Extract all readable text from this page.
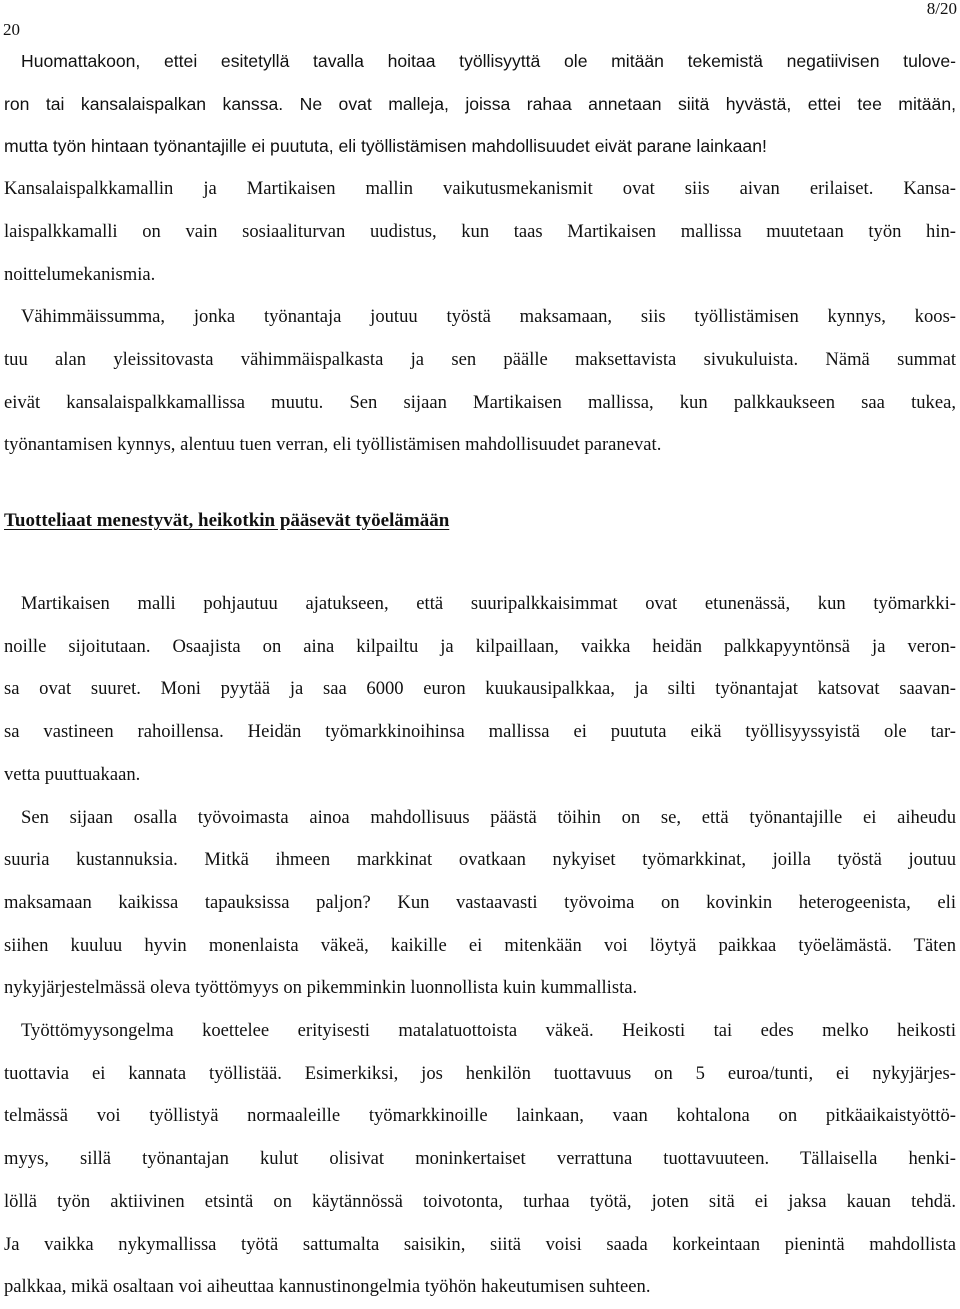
8/20
20
Huomattakoon, ettei esitetyllä tavalla hoitaa työllisyyttä ole mitään tekemistä negatiivisen tulove-
ron tai kansalaispalkan kanssa. Ne ovat malleja, joissa rahaa annetaan siitä hyvästä, ettei tee mitään,
mutta työn hintaan työnantajille ei puututa, eli työllistämisen mahdollisuudet eivät parane lainkaan!
Kansalaispalkkamallin ja Martikaisen mallin vaikutusmekanismit ovat siis aivan erilaiset. Kansa-
laispalkkamalli on vain sosiaaliturvan uudistus, kun taas Martikaisen mallissa muutetaan työn hin-
noittelumekanismia.
Vähimmäissumma, jonka työnantaja joutuu työstä maksamaan, siis työllistämisen kynnys, koos-
tuu alan yleissitovasta vähimmäispalkasta ja sen päälle maksettavista sivukuluista. Nämä summat
eivät kansalaispalkkamallissa muutu. Sen sijaan Martikaisen mallissa, kun palkkaukseen saa tukea,
työnantamisen kynnys, alentuu tuen verran, eli työllistämisen mahdollisuudet paranevat.
Tuotteliaat menestyvät, heikotkin pääsevät työelämään
Martikaisen malli pohjautuu ajatukseen, että suuripalkkaisimmat ovat etunenässä, kun työmarkki-
noille sijoitutaan. Osaajista on aina kilpailtu ja kilpaillaan, vaikka heidän palkkapyyntönsä ja veron-
sa ovat suuret. Moni pyytää ja saa 6000 euron kuukausipalkkaa, ja silti työnantajat katsovat saavan-
sa vastineen rahoillensa. Heidän työmarkkinoihinsa mallissa ei puututa eikä työllisyyssyistä ole tar-
vetta puuttuakaan.
Sen sijaan osalla työvoimasta ainoa mahdollisuus päästä töihin on se, että työnantajille ei aiheudu
suuria kustannuksia. Mitkä ihmeen markkinat ovatkaan nykyiset työmarkkinat, joilla työstä joutuu
maksamaan kaikissa tapauksissa paljon? Kun vastaavasti työvoima on kovinkin heterogeenista, eli
siihen kuuluu hyvin monenlaista väkeä, kaikille ei mitenkään voi löytyä paikkaa työelämästä. Täten
nykyjärjestelmässä oleva työttömyys on pikemminkin luonnollista kuin kummallista.
Työttömyysongelma koettelee erityisesti matalatuottoista väkeä. Heikosti tai edes melko heikosti
tuottavia ei kannata työllistää. Esimerkiksi, jos henkilön tuottavuus on 5 euroa/tunti, ei nykyjärjes-
telmässä voi työllistyä normaaleille työmarkkinoille lainkaan, vaan kohtalona on pitkäaikaistyöttö-
myys, sillä työnantajan kulut olisivat moninkertaiset verrattuna tuottavuuteen. Tällaisella henki-
löllä työn aktiivinen etsintä on käytännössä toivotonta, turhaa työtä, joten sitä ei jaksa kauan tehdä.
Ja vaikka nykymallissa työtä sattumalta saisikin, siitä voisi saada korkeintaan pienintä mahdollista
palkkaa, mikä osaltaan voi aiheuttaa kannustinongelmia työhön hakeutumisen suhteen.
